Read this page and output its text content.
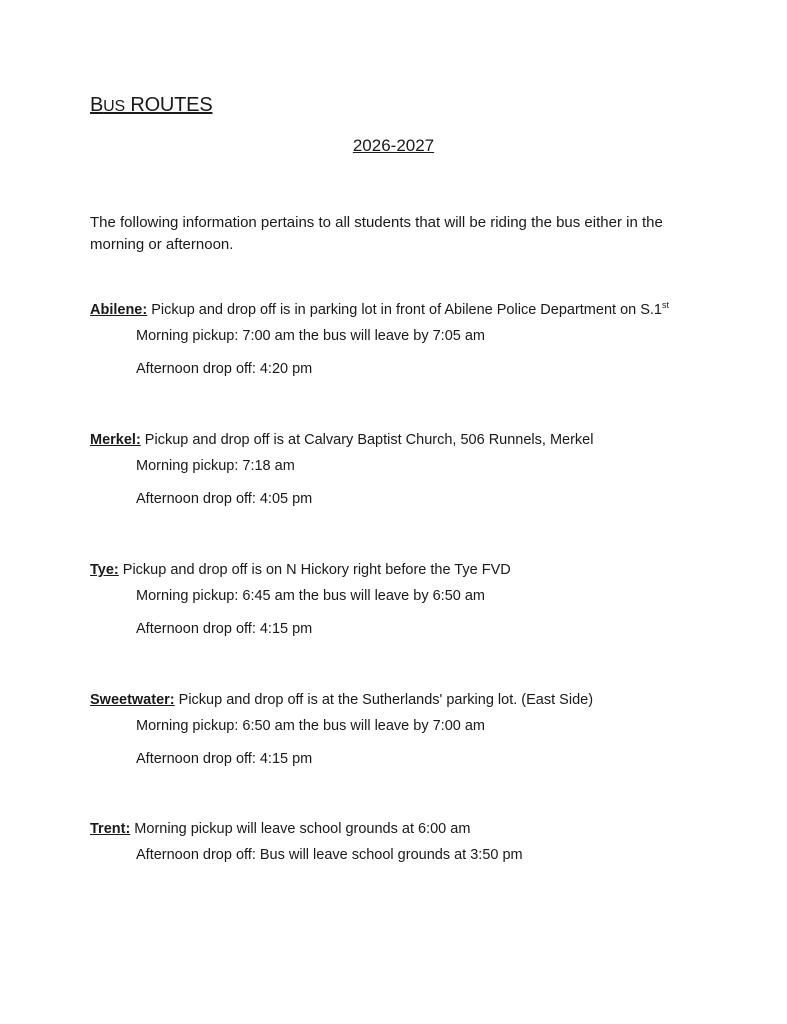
BUS ROUTES
2026-2027
The following information pertains to all students that will be riding the bus either in the morning or afternoon.
Abilene: Pickup and drop off is in parking lot in front of Abilene Police Department on S.1st
Morning pickup: 7:00 am the bus will leave by 7:05 am
Afternoon drop off: 4:20 pm
Merkel: Pickup and drop off is at Calvary Baptist Church, 506 Runnels, Merkel
Morning pickup: 7:18 am
Afternoon drop off: 4:05 pm
Tye: Pickup and drop off is on N Hickory right before the Tye FVD
Morning pickup: 6:45 am the bus will leave by 6:50 am
Afternoon drop off: 4:15 pm
Sweetwater: Pickup and drop off is at the Sutherlands' parking lot. (East Side)
Morning pickup: 6:50 am the bus will leave by 7:00 am
Afternoon drop off: 4:15 pm
Trent: Morning pickup will leave school grounds at 6:00 am
Afternoon drop off: Bus will leave school grounds at 3:50 pm
